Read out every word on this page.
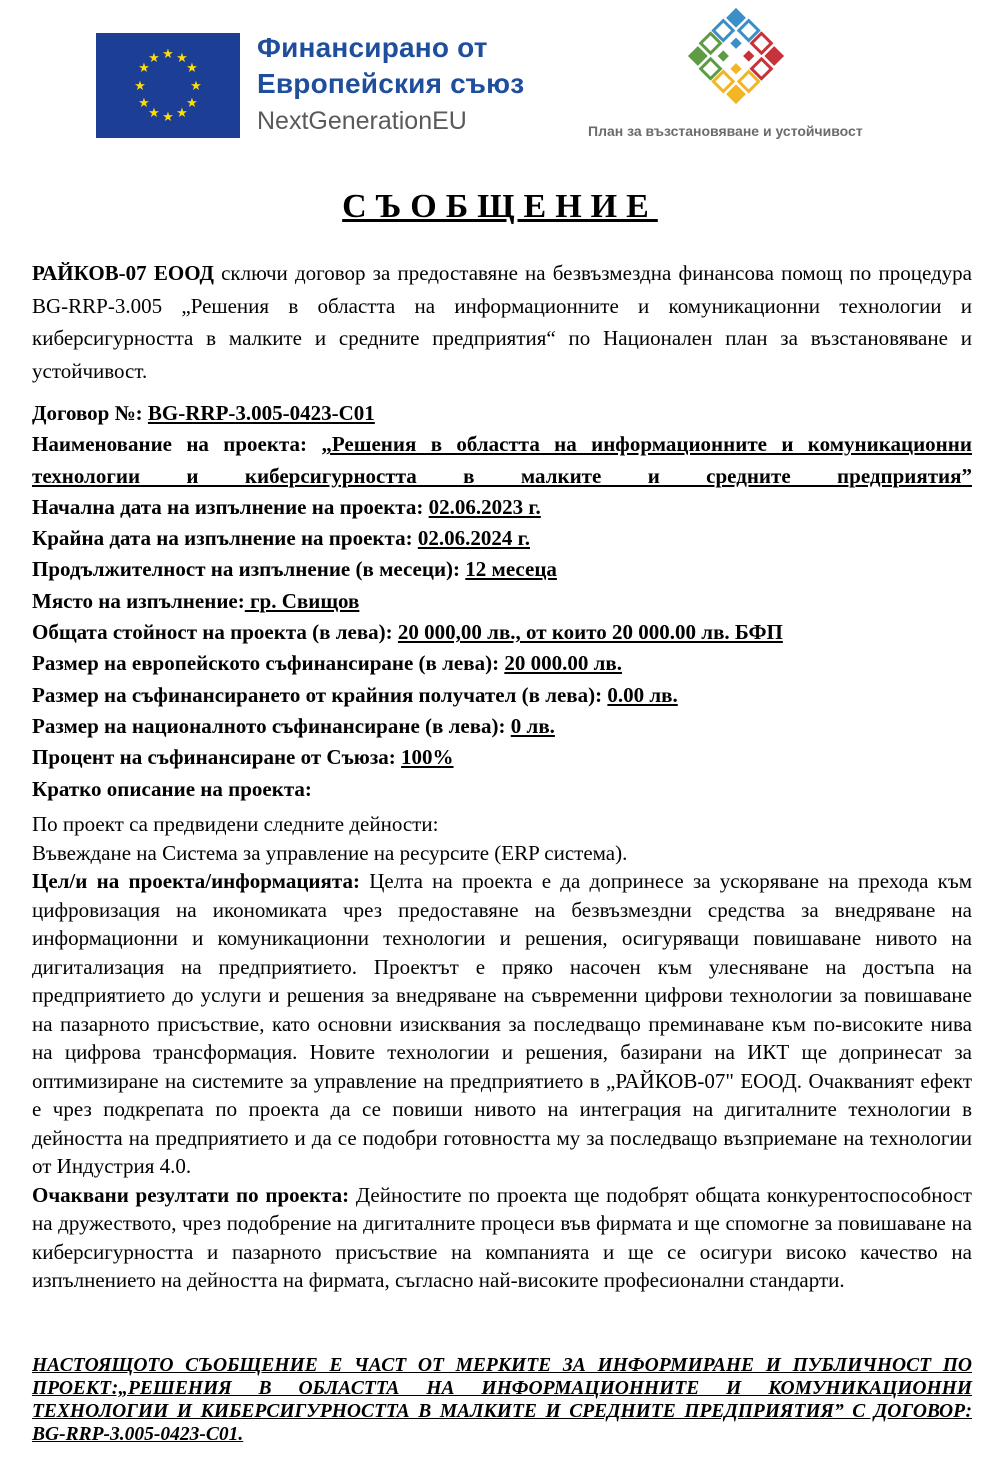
★ ★
★
★
★
★
★
★
★
★
★
★	Финансирано от
Европейския съюз
NextGenerationEU	План за възстановяване и устойчивост
СЪОБЩЕНИЕ
РАЙКОВ-07 ЕООД сключи договор за предоставяне на безвъзмездна финансова помощ по процедура BG-RRP-3.005 „Решения в областта на информационните и комуникационни технологии и киберсигурността в малките и средните предприятия“ по Национален план за възстановяване и устойчивост.
Договор №: BG-RRP-3.005-0423-C01
Наименование на проекта: „Решения в областта на информационните и комуникационни технологии и киберсигурността в малките и средните предприятия”
Начална дата на изпълнение на проекта: 02.06.2023 г.
Крайна дата на изпълнение на проекта: 02.06.2024 г.
Продължителност на изпълнение (в месеци): 12 месеца
Място на изпълнение: гр. Свищов
Общата стойност на проекта (в лева): 20 000,00 лв., от които 20 000.00 лв. БФП
Размер на европейското съфинансиране (в лева): 20 000.00 лв.
Размер на съфинансирането от крайния получател (в лева): 0.00 лв.
Размер на националното съфинансиране (в лева): 0 лв.
Процент на съфинансиране от Съюза: 100%
Кратко описание на проекта:
По проект са предвидени следните дейности:
Въвеждане на Система за управление на ресурсите (ERP система).
Цел/и на проекта/информацията: Целта на проекта е да допринесе за ускоряване на прехода към цифровизация на икономиката чрез предоставяне на безвъзмездни средства за внедряване на информационни и комуникационни технологии и решения, осигуряващи повишаване нивото на дигитализация на предприятието. Проектът е пряко насочен към улесняване на достъпа на предприятието до услуги и решения за внедряване на съвременни цифрови технологии за повишаване на пазарното присъствие, като основни изисквания за последващо преминаване към по-високите нива на цифрова трансформация. Новите технологии и решения, базирани на ИКТ ще допринесат за оптимизиране на системите за управление на предприятието в „РАЙКОВ-07" ЕООД. Очакваният ефект е чрез подкрепата по проекта да се повиши нивото на интеграция на дигиталните технологии в дейността на предприятието и да се подобри готовността му за последващо възприемане на технологии от Индустрия 4.0.
Очаквани резултати по проекта: Дейностите по проекта ще подобрят общата конкурентоспособност на дружеството, чрез подобрение на дигиталните процеси във фирмата и ще спомогне за повишаване на киберсигурността и пазарното присъствие на компанията и ще се осигури високо качество на изпълнението на дейността на фирмата, съгласно най-високите професионални стандарти.
НАСТОЯЩОТО СЪОБЩЕНИЕ Е ЧАСТ ОТ МЕРКИТЕ ЗА ИНФОРМИРАНЕ И ПУБЛИЧНОСТ ПО ПРОЕКТ:„РЕШЕНИЯ В ОБЛАСТТА НА ИНФОРМАЦИОННИТЕ И КОМУНИКАЦИОННИ ТЕХНОЛОГИИ И КИБЕРСИГУРНОСТТА В МАЛКИТЕ И СРЕДНИТЕ ПРЕДПРИЯТИЯ” С ДОГОВОР: BG-RRP-3.005-0423-C01.
